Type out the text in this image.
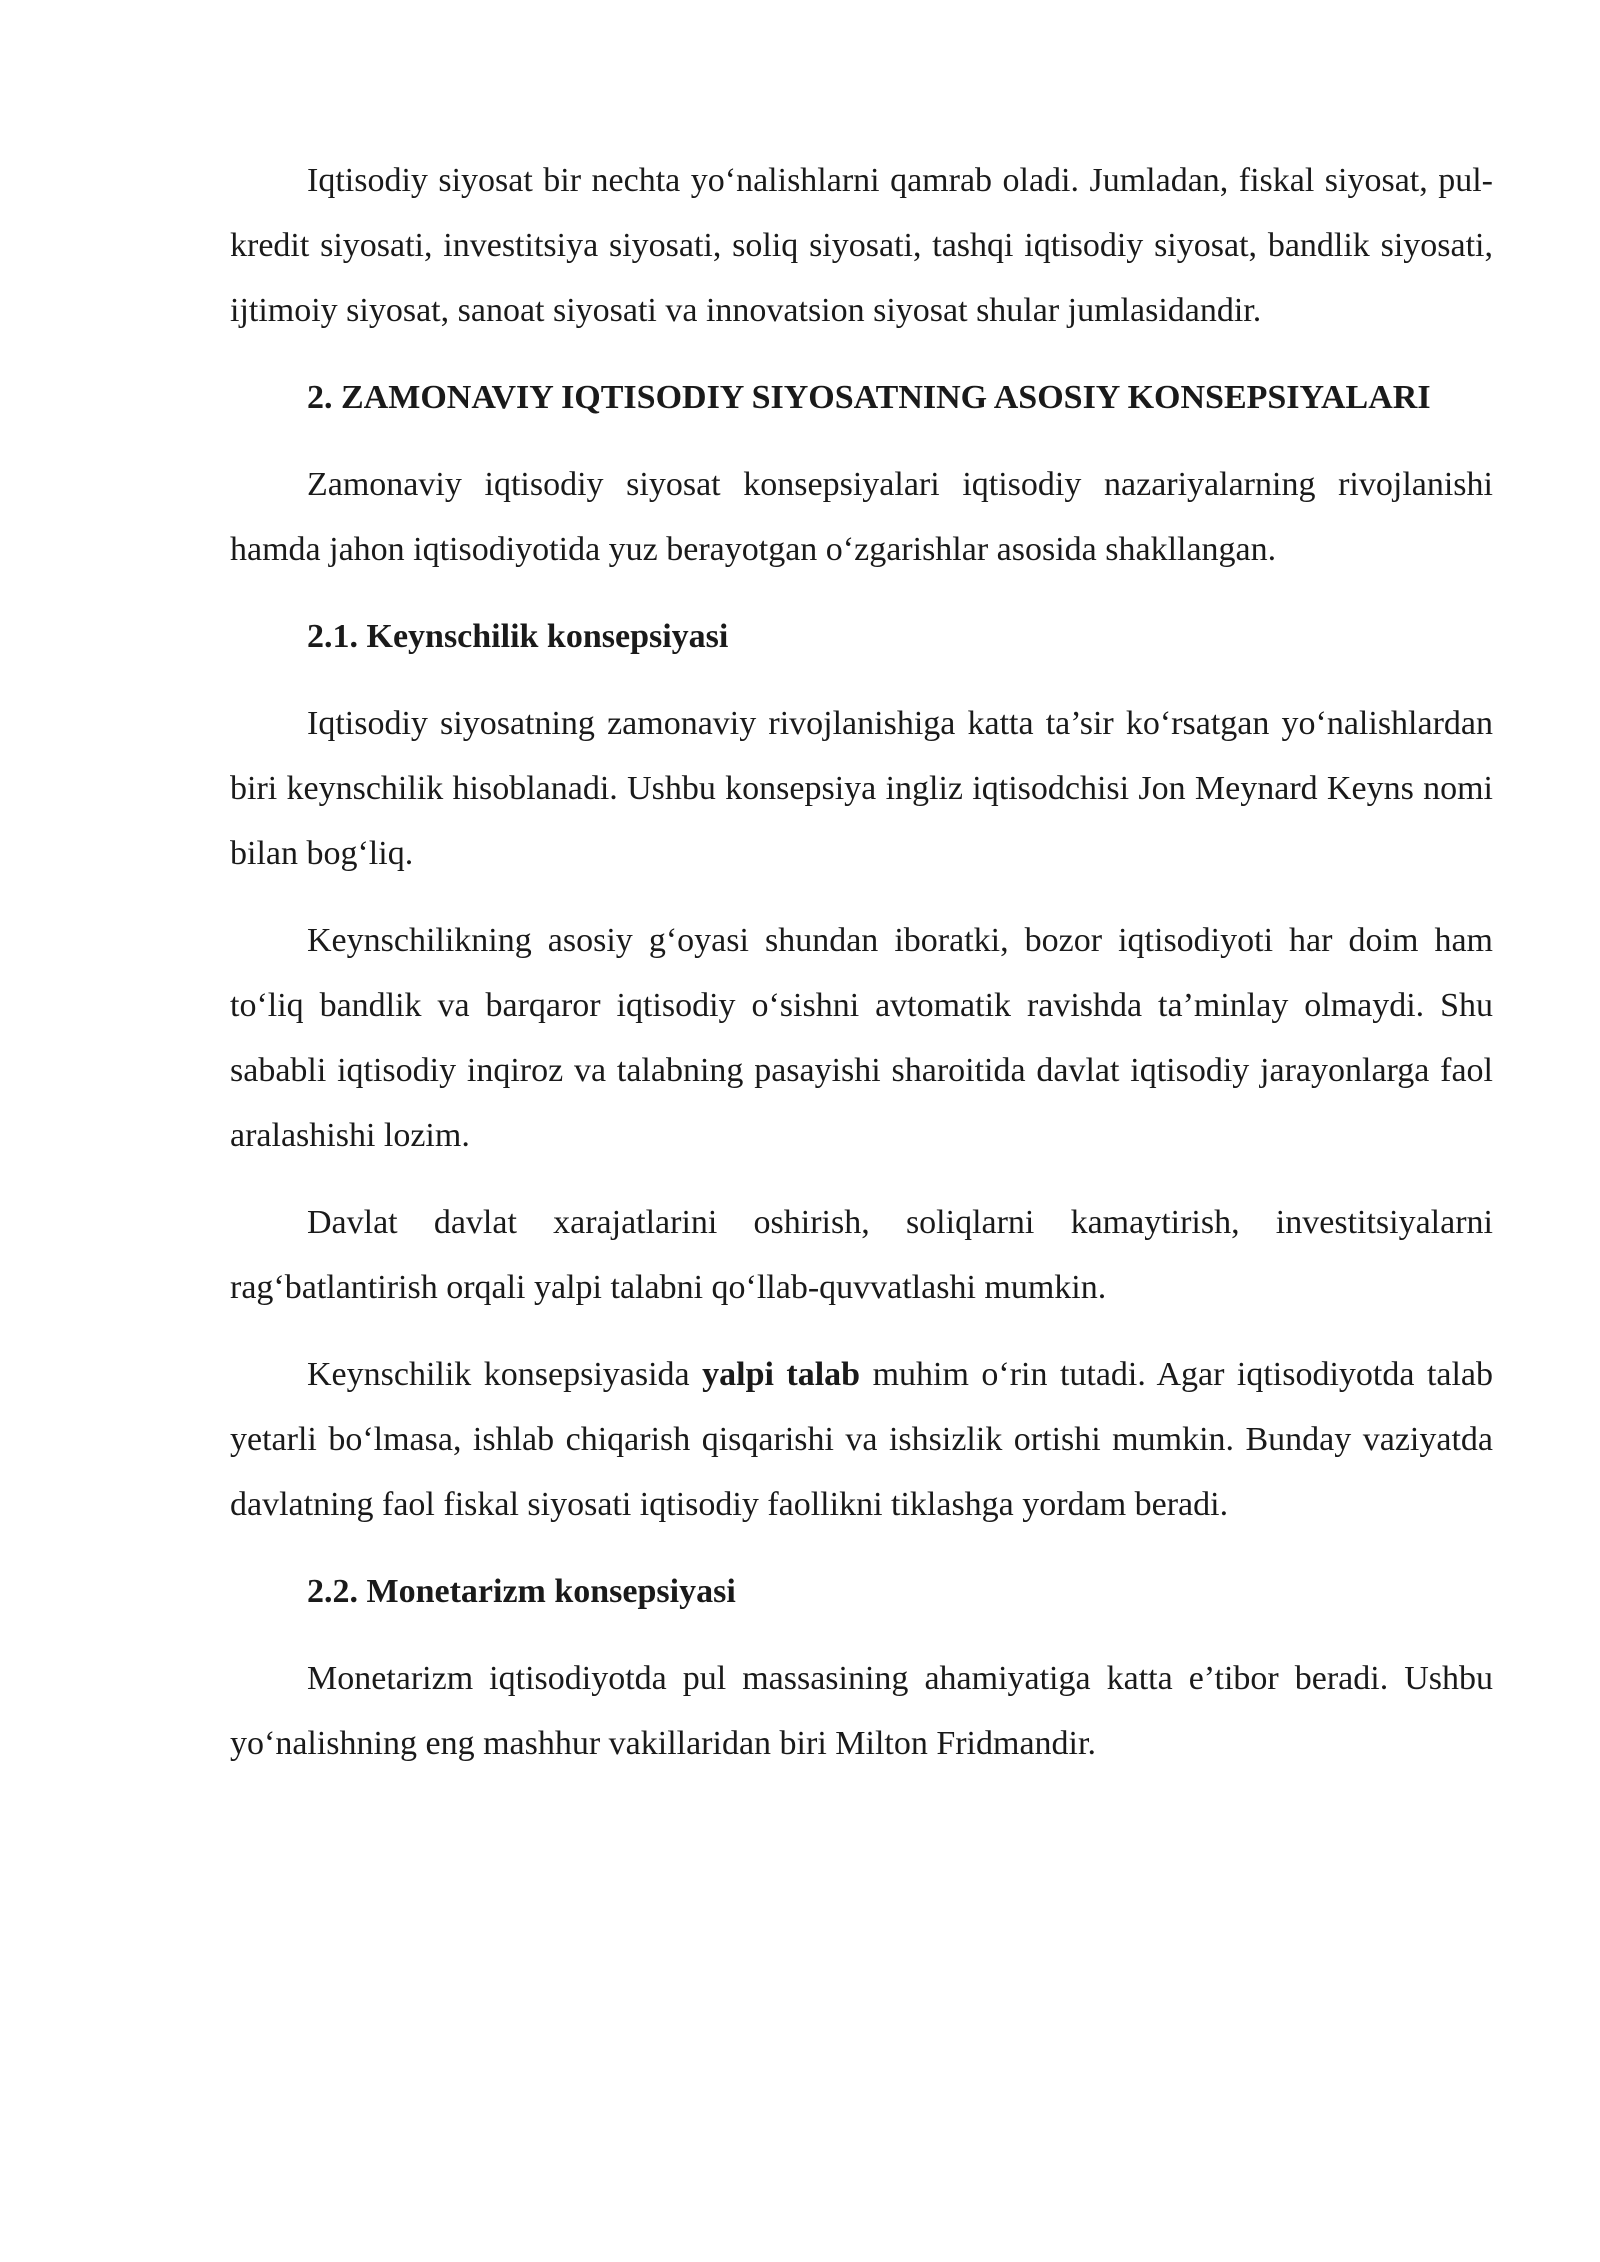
Iqtisodiy siyosat bir nechta yo‘nalishlarni qamrab oladi. Jumladan, fiskal siyosat, pul-kredit siyosati, investitsiya siyosati, soliq siyosati, tashqi iqtisodiy siyosat, bandlik siyosati, ijtimoiy siyosat, sanoat siyosati va innovatsion siyosat shular jumlasidandir.

2. ZAMONAVIY IQTISODIY SIYOSATNING ASOSIY KONSEPSIYALARI

Zamonaviy iqtisodiy siyosat konsepsiyalari iqtisodiy nazariyalarning rivojlanishi hamda jahon iqtisodiyotida yuz berayotgan o‘zgarishlar asosida shakllangan.

2.1. Keynschilik konsepsiyasi

Iqtisodiy siyosatning zamonaviy rivojlanishiga katta ta’sir ko‘rsatgan yo‘nalishlardan biri keynschilik hisoblanadi. Ushbu konsepsiya ingliz iqtisodchisi Jon Meynard Keyns nomi bilan bog‘liq.

Keynschilikning asosiy g‘oyasi shundan iboratki, bozor iqtisodiyoti har doim ham to‘liq bandlik va barqaror iqtisodiy o‘sishni avtomatik ravishda ta’minlay olmaydi. Shu sababli iqtisodiy inqiroz va talabning pasayishi sharoitida davlat iqtisodiy jarayonlarga faol aralashishi lozim.

Davlat davlat xarajatlarini oshirish, soliqlarni kamaytirish, investitsiyalarni rag‘batlantirish orqali yalpi talabni qo‘llab-quvvatlashi mumkin.

Keynschilik konsepsiyasida yalpi talab muhim o‘rin tutadi. Agar iqtisodiyotda talab yetarli bo‘lmasa, ishlab chiqarish qisqarishi va ishsizlik ortishi mumkin. Bunday vaziyatda davlatning faol fiskal siyosati iqtisodiy faollikni tiklashga yordam beradi.

2.2. Monetarizm konsepsiyasi

Monetarizm iqtisodiyotda pul massasining ahamiyatiga katta e’tibor beradi. Ushbu yo‘nalishning eng mashhur vakillaridan biri Milton Fridmandir.
